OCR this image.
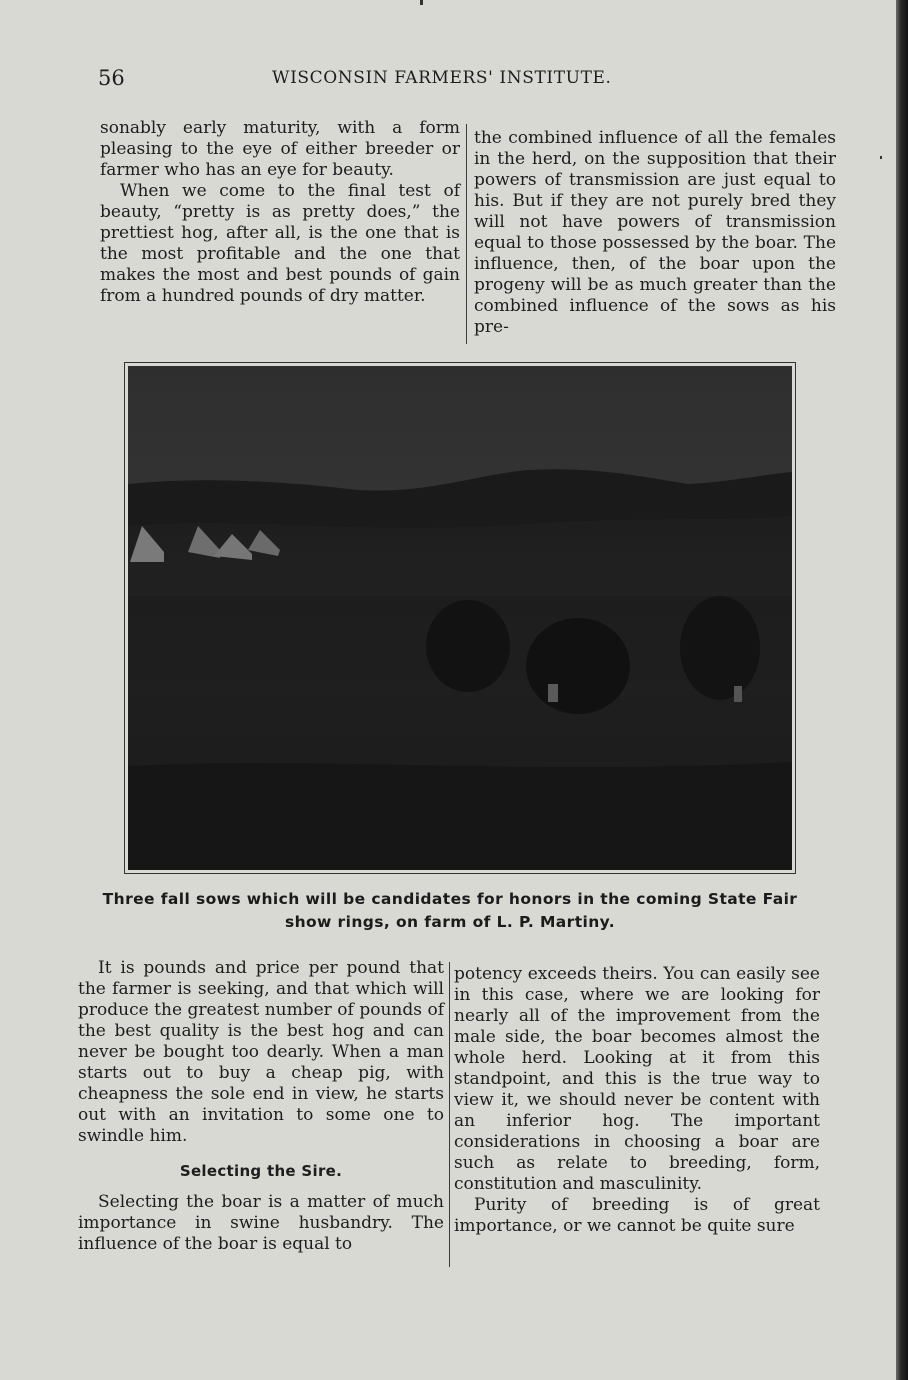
56	WISCONSIN FARMERS' INSTITUTE.

sonably early maturity, with a form pleasing to the eye of either breeder or farmer who has an eye for beauty.

When we come to the final test of beauty, “pretty is as pretty does,” the prettiest hog, after all, is the one that is the most profitable and the one that makes the most and best pounds of gain from a hundred pounds of dry matter.

the combined influence of all the females in the herd, on the supposition that their powers of transmission are just equal to his. But if they are not purely bred they will not have powers of transmission equal to those possessed by the boar. The influence, then, of the boar upon the progeny will be as much greater than the combined influence of the sows as his pre-

Three fall sows which will be candidates for honors in the coming State Fair show rings, on farm of L. P. Martiny.

It is pounds and price per pound that the farmer is seeking, and that which will produce the greatest number of pounds of the best quality is the best hog and can never be bought too dearly. When a man starts out to buy a cheap pig, with cheapness the sole end in view, he starts out with an invitation to some one to swindle him.

Selecting the Sire.

Selecting the boar is a matter of much importance in swine husbandry. The influence of the boar is equal to

potency exceeds theirs. You can easily see in this case, where we are looking for nearly all of the improvement from the male side, the boar becomes almost the whole herd. Looking at it from this standpoint, and this is the true way to view it, we should never be content with an inferior hog. The important considerations in choosing a boar are such as relate to breeding, form, constitution and masculinity.

Purity of breeding is of great importance, or we cannot be quite sure
